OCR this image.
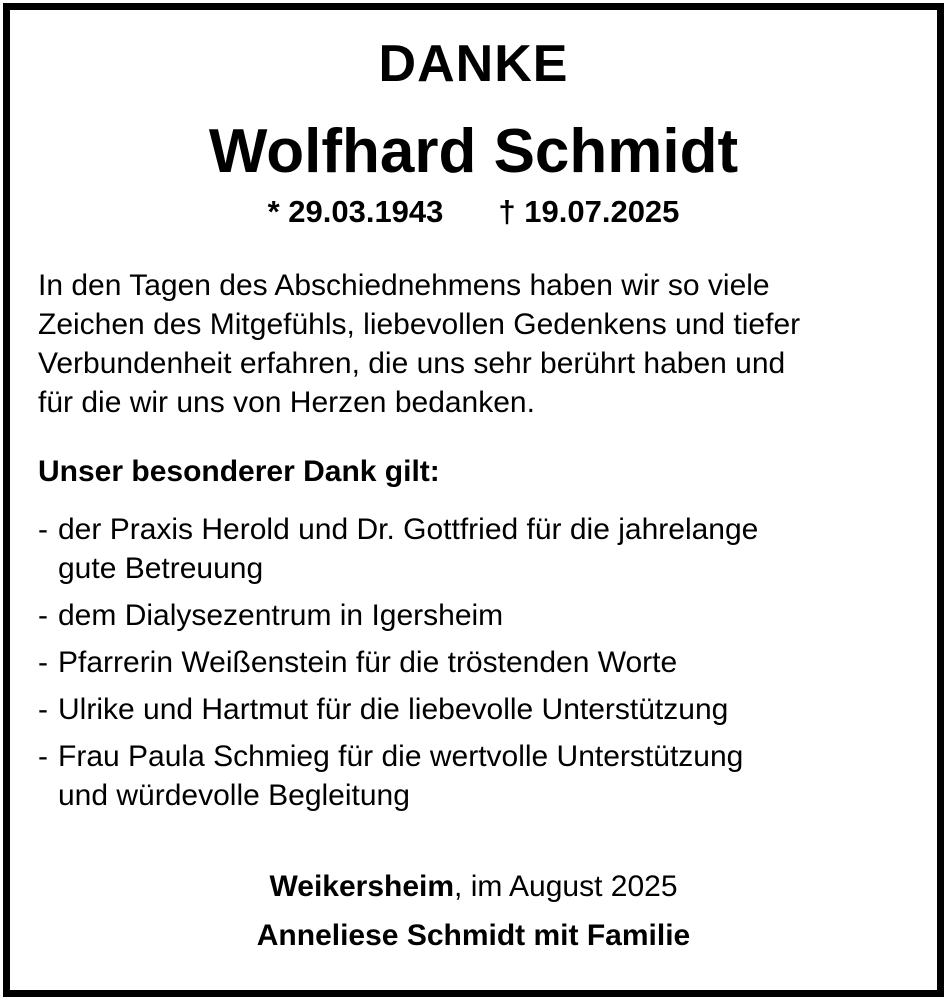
DANKE
Wolfhard Schmidt
* 29.03.1943 † 19.07.2025
In den Tagen des Abschiednehmens haben wir so viele
Zeichen des Mitgefühls, liebevollen Gedenkens und tiefer
Verbundenheit erfahren, die uns sehr berührt haben und
für die wir uns von Herzen bedanken.
Unser besonderer Dank gilt:
- der Praxis Herold und Dr. Gottfried für die jahrelange
gute Betreuung
- dem Dialysezentrum in Igersheim
- Pfarrerin Weißenstein für die tröstenden Worte
- Ulrike und Hartmut für die liebevolle Unterstützung
- Frau Paula Schmieg für die wertvolle Unterstützung
und würdevolle Begleitung
Weikersheim, im August 2025
Anneliese Schmidt mit Familie
